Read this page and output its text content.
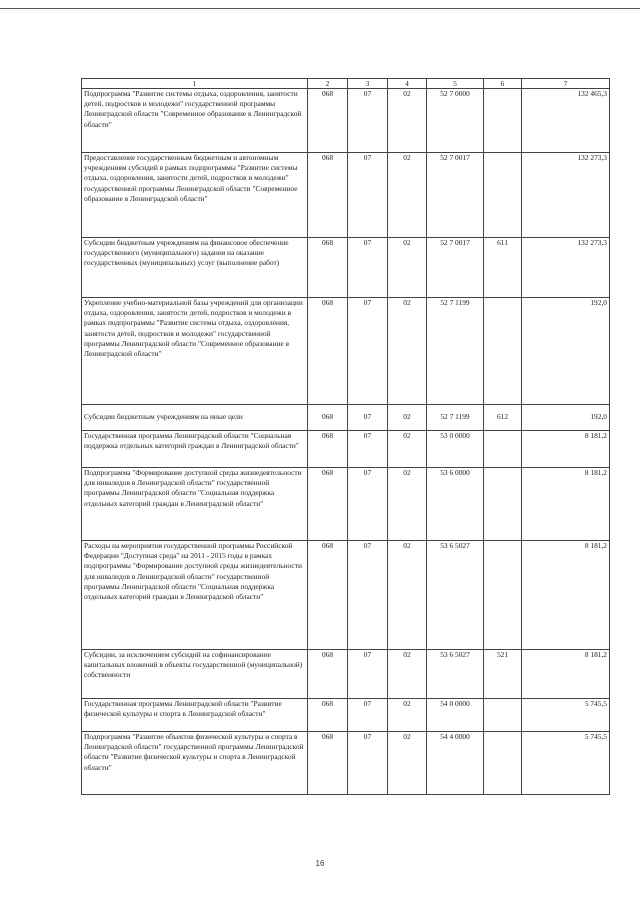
1	2	3	4	5	6	7
Подпрограмма "Развитие системы отдыха, оздоровления, занятости детей, подростков и молодежи" государственной программы Ленинградской области "Современное образование в Ленинградской области"	068	07	02	52 7 0000		132 465,3
Предоставление государственным бюджетным и автономным учреждениям субсидий в рамках подпрограммы "Развитие системы отдыха, оздоровления, занятости детей, подростков и молодежи" государственной программы Ленинградской области "Современное образование в Ленинградской области"	068	07	02	52 7 0017		132 273,3
Субсидии бюджетным учреждениям на финансовое обеспечение государственного (муниципального) задания на оказание государственных (муниципальных) услуг (выполнение работ)	068	07	02	52 7 0017	611	132 273,3
Укрепление учебно-материальной базы учреждений для организации отдыха, оздоровления, занятости детей, подростков и молодежи в рамках подпрограммы "Развитие системы отдыха, оздоровления, занятости детей, подростков и молодежи" государственной программы Ленинградской области "Современное образование в Ленинградской области"	068	07	02	52 7 1199		192,0
Субсидии бюджетным учреждениям на иные цели	068	07	02	52 7 1199	612	192,0
Государственная программа Ленинградской области "Социальная поддержка отдельных категорий граждан в Ленинградской области"	068	07	02	53 0 0000		8 181,2
Подпрограмма "Формирование доступной среды жизнедеятельности для инвалидов в Ленинградской области" государственной программы Ленинградской области "Социальная поддержка отдельных категорий граждан в Ленинградской области"	068	07	02	53 6 0000		8 181,2
Расходы на мероприятия государственной программы Российской Федерации "Доступная среда" на 2011 - 2015 годы в рамках подпрограммы "Формирование доступной среды жизнедеятельности для инвалидов в Ленинградской области" государственной программы Ленинградской области "Социальная поддержка отдельных категорий граждан в Ленинградской области"	068	07	02	53 6 5027		8 181,2
Субсидии, за исключением субсидий на софинансирование капитальных вложений в объекты государственной (муниципальной) собственности	068	07	02	53 6 5027	521	8 181,2
Государственная программа Ленинградской области "Развитие физической культуры и спорта в Ленинградской области"	068	07	02	54 0 0000		5 745,5
Подпрограмма "Развитие объектов физической культуры и спорта в Ленинградской области" государственной программы Ленинградской области "Развитие физической культуры и спорта в Ленинградской области"	068	07	02	54 4 0000		5 745,5
16
